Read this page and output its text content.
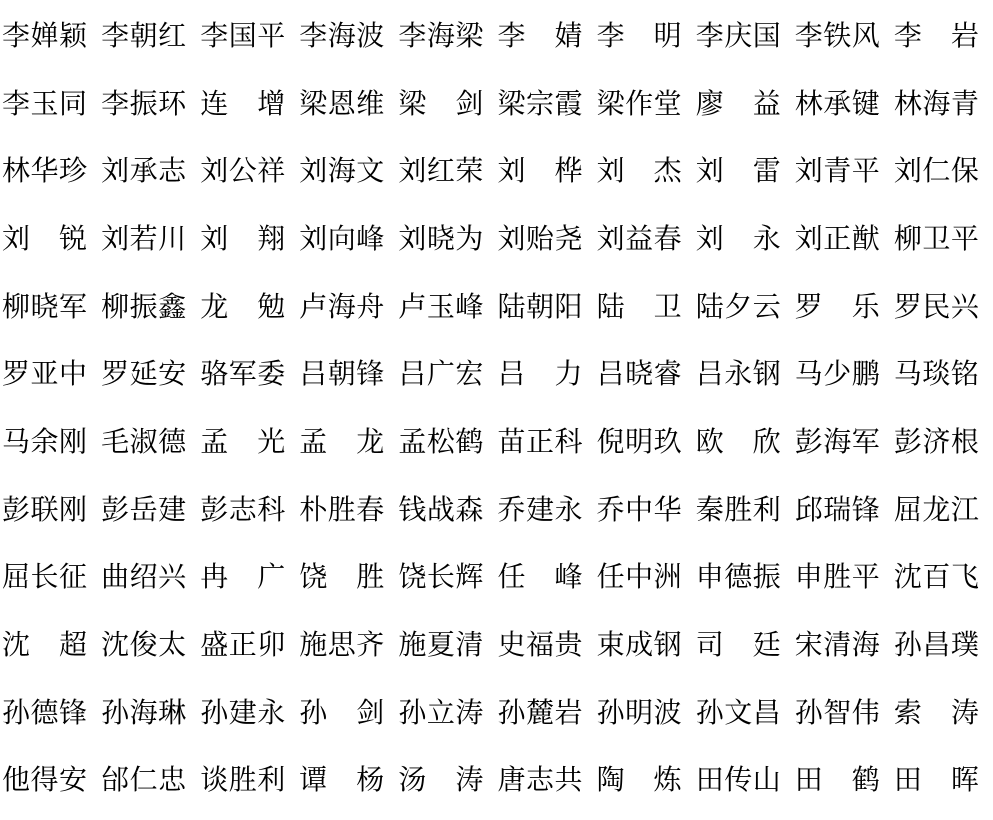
李婵颖 李朝红 李国平 李海波 李海梁 李　婧 李　明 李庆国 李铁风 李　岩
李玉同 李振环 连　增 梁恩维 梁　剑 梁宗霞 梁作堂 廖　益 林承键 林海青
林华珍 刘承志 刘公祥 刘海文 刘红荣 刘　桦 刘　杰 刘　雷 刘青平 刘仁保
刘　锐 刘若川 刘　翔 刘向峰 刘晓为 刘贻尧 刘益春 刘　永 刘正猷 柳卫平
柳晓军 柳振鑫 龙　勉 卢海舟 卢玉峰 陆朝阳 陆　卫 陆夕云 罗　乐 罗民兴
罗亚中 罗延安 骆军委 吕朝锋 吕广宏 吕　力 吕晓睿 吕永钢 马少鹏 马琰铭
马余刚 毛淑德 孟　光 孟　龙 孟松鹤 苗正科 倪明玖 欧　欣 彭海军 彭济根
彭联刚 彭岳建 彭志科 朴胜春 钱战森 乔建永 乔中华 秦胜利 邱瑞锋 屈龙江
屈长征 曲绍兴 冉　广 饶　胜 饶长辉 任　峰 任中洲 申德振 申胜平 沈百飞
沈　超 沈俊太 盛正卯 施思齐 施夏清 史福贵 束成钢 司　廷 宋清海 孙昌璞
孙德锋 孙海琳 孙建永 孙　剑 孙立涛 孙麓岩 孙明波 孙文昌 孙智伟 索　涛
他得安 邰仁忠 谈胜利 谭　杨 汤　涛 唐志共 陶　炼 田传山 田　鹤 田　晖
